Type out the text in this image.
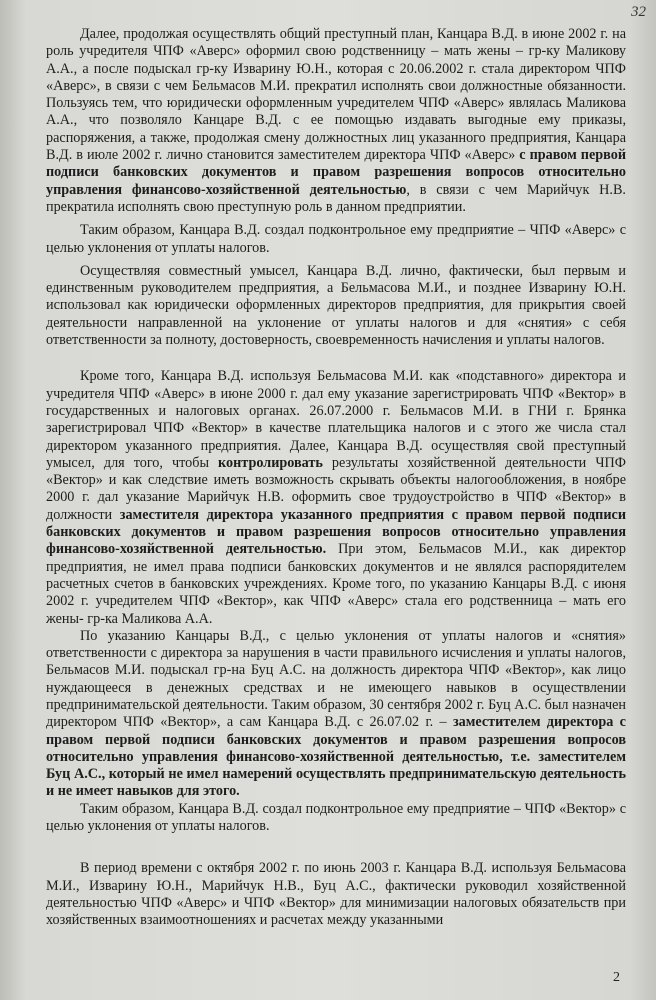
32

Далее, продолжая осуществлять общий преступный план, Канцара В.Д. в июне 2002 г. на роль учредителя ЧПФ «Аверс» оформил свою родственницу – мать жены – гр-ку Маликову А.А., а после подыскал гр-ку Изварину Ю.Н., которая с 20.06.2002 г. стала директором ЧПФ «Аверс», в связи с чем Бельмасов М.И. прекратил исполнять свои должностные обязанности. Пользуясь тем, что юридически оформленным учредителем ЧПФ «Аверс» являлась Маликова А.А., что позволяло Канцаре В.Д. с ее помощью издавать выгодные ему приказы, распоряжения, а также, продолжая смену должностных лиц указанного предприятия, Канцара В.Д. в июле 2002 г. лично становится заместителем директора ЧПФ «Аверс» с правом первой подписи банковских документов и правом разрешения вопросов относительно управления финансово-хозяйственной деятельностью, в связи с чем Марийчук Н.В. прекратила исполнять свою преступную роль в данном предприятии.

Таким образом, Канцара В.Д. создал подконтрольное ему предприятие – ЧПФ «Аверс» с целью уклонения от уплаты налогов.

Осуществляя совместный умысел, Канцара В.Д. лично, фактически, был первым и единственным руководителем предприятия, а Бельмасова М.И., и позднее Изварину Ю.Н. использовал как юридически оформленных директоров предприятия, для прикрытия своей деятельности направленной на уклонение от уплаты налогов и для «снятия» с себя ответственности за полноту, достоверность, своевременность начисления и уплаты налогов.

Кроме того, Канцара В.Д. используя Бельмасова М.И. как «подставного» директора и учредителя ЧПФ «Аверс» в июне 2000 г. дал ему указание зарегистрировать ЧПФ «Вектор» в государственных и налоговых органах. 26.07.2000 г. Бельмасов М.И. в ГНИ г. Брянка зарегистрировал ЧПФ «Вектор» в качестве плательщика налогов и с этого же числа стал директором указанного предприятия. Далее, Канцара В.Д. осуществляя свой преступный умысел, для того, чтобы контролировать результаты хозяйственной деятельности ЧПФ «Вектор» и как следствие иметь возможность скрывать объекты налогообложения, в ноябре 2000 г. дал указание Марийчук Н.В. оформить свое трудоустройство в ЧПФ «Вектор» в должности заместителя директора указанного предприятия с правом первой подписи банковских документов и правом разрешения вопросов относительно управления финансово-хозяйственной деятельностью. При этом, Бельмасов М.И., как директор предприятия, не имел права подписи банковских документов и не являлся распорядителем расчетных счетов в банковских учреждениях. Кроме того, по указанию Канцары В.Д. с июня 2002 г. учредителем ЧПФ «Вектор», как ЧПФ «Аверс» стала его родственница – мать его жены- гр-ка Маликова А.А.

По указанию Канцары В.Д., с целью уклонения от уплаты налогов и «снятия» ответственности с директора за нарушения в части правильного исчисления и уплаты налогов, Бельмасов М.И. подыскал гр-на Буц А.С. на должность директора ЧПФ «Вектор», как лицо нуждающееся в денежных средствах и не имеющего навыков в осуществлении предпринимательской деятельности. Таким образом, 30 сентября 2002 г. Буц А.С. был назначен директором ЧПФ «Вектор», а сам Канцара В.Д. с 26.07.02 г. – заместителем директора с правом первой подписи банковских документов и правом разрешения вопросов относительно управления финансово-хозяйственной деятельностью, т.е. заместителем Буц А.С., который не имел намерений осуществлять предпринимательскую деятельность и не имеет навыков для этого.

Таким образом, Канцара В.Д. создал подконтрольное ему предприятие – ЧПФ «Вектор» с целью уклонения от уплаты налогов.

В период времени с октября 2002 г. по июнь 2003 г. Канцара В.Д. используя Бельмасова М.И., Изварину Ю.Н., Марийчук Н.В., Буц А.С., фактически руководил хозяйственной деятельностью ЧПФ «Аверс» и ЧПФ «Вектор» для минимизации налоговых обязательств при хозяйственных взаимоотношениях и расчетах между указанными

2
